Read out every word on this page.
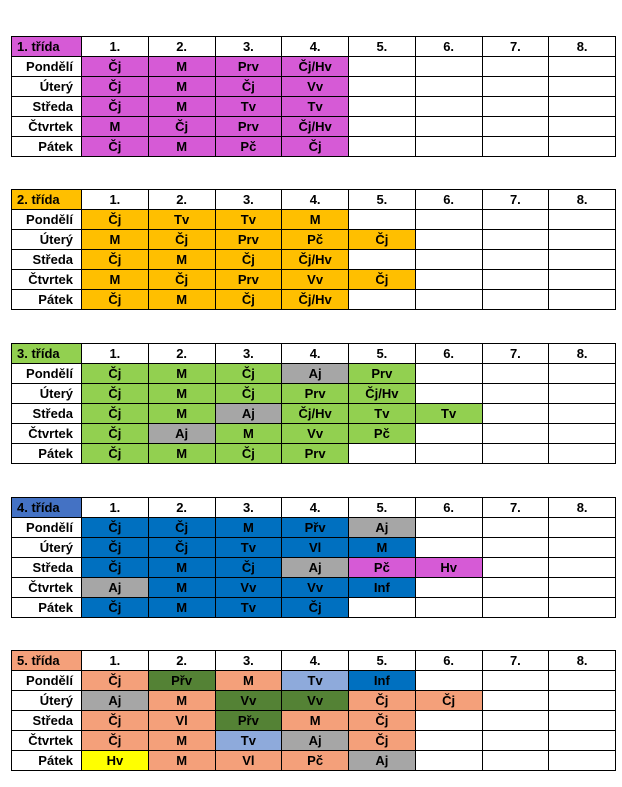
1. třída	1.	2.	3.	4.	5.	6.	7.	8.
Pondělí	Čj	M	Prv	Čj/Hv				
Úterý	Čj	M	Čj	Vv				
Středa	Čj	M	Tv	Tv				
Čtvrtek	M	Čj	Prv	Čj/Hv				
Pátek	Čj	M	Pč	Čj				
2. třída	1.	2.	3.	4.	5.	6.	7.	8.
Pondělí	Čj	Tv	Tv	M				
Úterý	M	Čj	Prv	Pč	Čj			
Středa	Čj	M	Čj	Čj/Hv				
Čtvrtek	M	Čj	Prv	Vv	Čj			
Pátek	Čj	M	Čj	Čj/Hv				
3. třída	1.	2.	3.	4.	5.	6.	7.	8.
Pondělí	Čj	M	Čj	Aj	Prv			
Úterý	Čj	M	Čj	Prv	Čj/Hv			
Středa	Čj	M	Aj	Čj/Hv	Tv	Tv		
Čtvrtek	Čj	Aj	M	Vv	Pč			
Pátek	Čj	M	Čj	Prv				
4. třída	1.	2.	3.	4.	5.	6.	7.	8.
Pondělí	Čj	Čj	M	Přv	Aj			
Úterý	Čj	Čj	Tv	Vl	M			
Středa	Čj	M	Čj	Aj	Pč	Hv		
Čtvrtek	Aj	M	Vv	Vv	Inf			
Pátek	Čj	M	Tv	Čj				
5. třída	1.	2.	3.	4.	5.	6.	7.	8.
Pondělí	Čj	Přv	M	Tv	Inf			
Úterý	Aj	M	Vv	Vv	Čj	Čj		
Středa	Čj	Vl	Přv	M	Čj			
Čtvrtek	Čj	M	Tv	Aj	Čj			
Pátek	Hv	M	Vl	Pč	Aj			
